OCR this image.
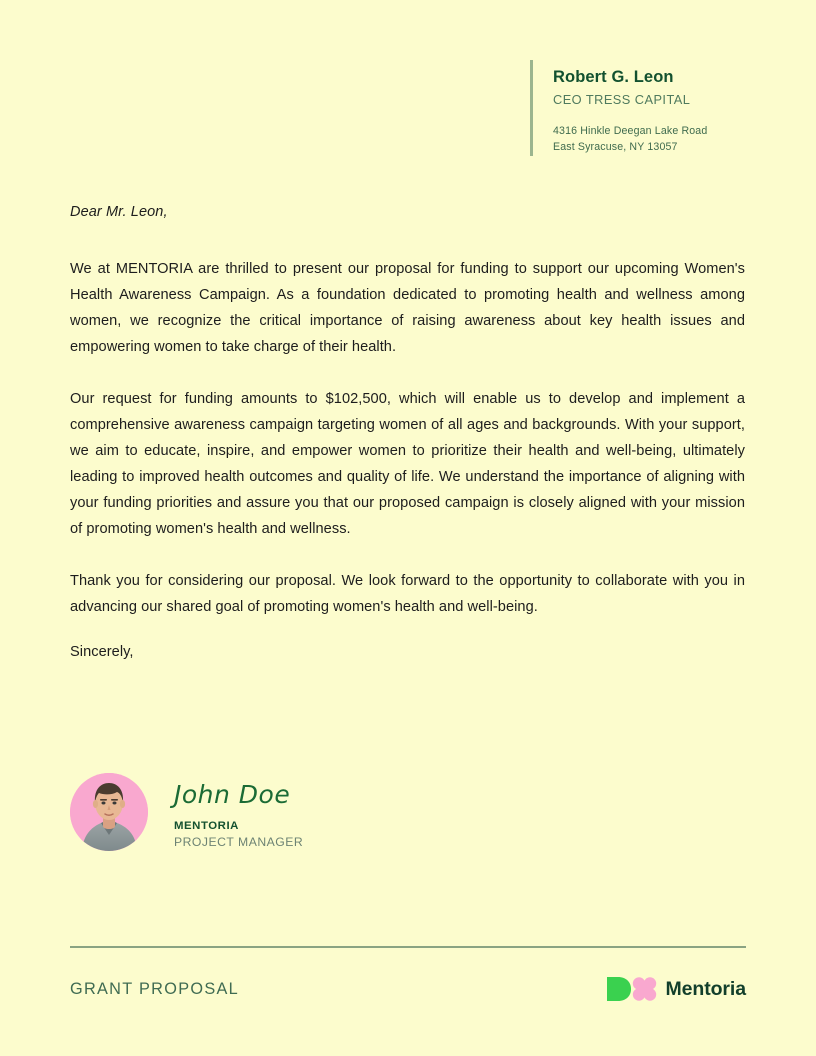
Robert G. Leon
CEO TRESS CAPITAL
4316 Hinkle Deegan Lake Road
East Syracuse, NY 13057
Dear Mr. Leon,

We at MENTORIA are thrilled to present our proposal for funding to support our upcoming Women's Health Awareness Campaign. As a foundation dedicated to promoting health and wellness among women, we recognize the critical importance of raising awareness about key health issues and empowering women to take charge of their health.

Our request for funding amounts to $102,500, which will enable us to develop and implement a comprehensive awareness campaign targeting women of all ages and backgrounds. With your support, we aim to educate, inspire, and empower women to prioritize their health and well-being, ultimately leading to improved health outcomes and quality of life. We understand the importance of aligning with your funding priorities and assure you that our proposed campaign is closely aligned with your mission of promoting women's health and wellness.

Thank you for considering our proposal. We look forward to the opportunity to collaborate with you in advancing our shared goal of promoting women's health and well-being.

Sincerely,

John Doe
MENTORIA
PROJECT MANAGER
GRANT PROPOSAL	Mentoria
